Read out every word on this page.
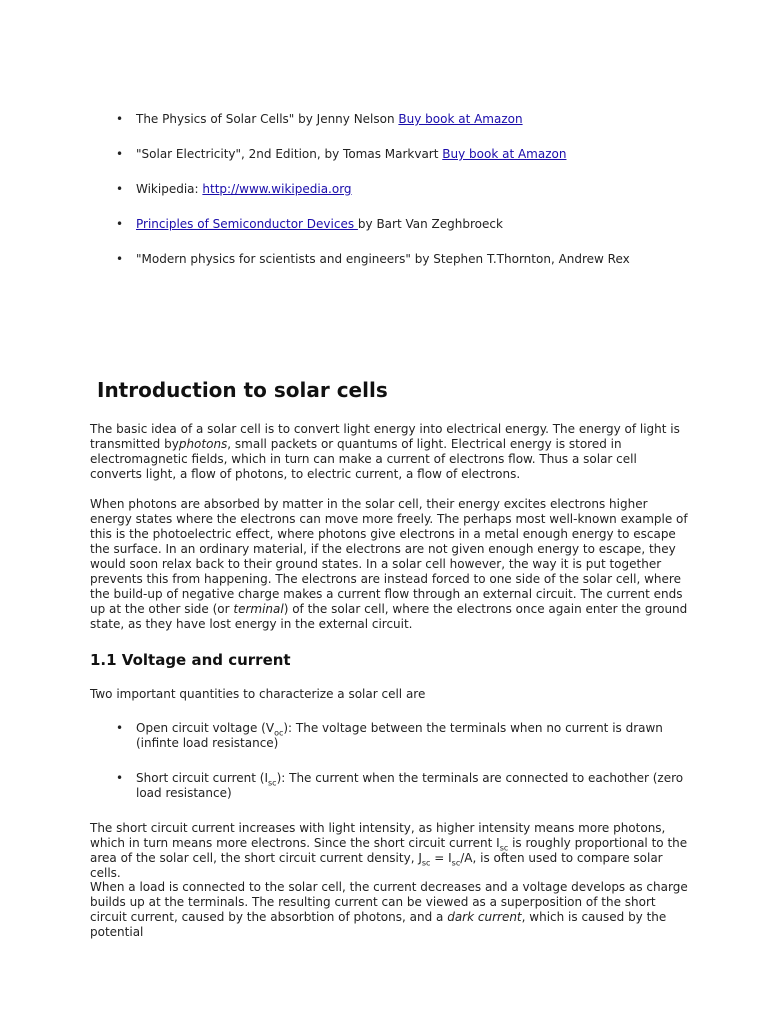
• The Physics of Solar Cells" by Jenny Nelson Buy book at Amazon
• "Solar Electricity", 2nd Edition, by Tomas Markvart Buy book at Amazon
• Wikipedia: http://www.wikipedia.org
• Principles of Semiconductor Devices by Bart Van Zeghbroeck
• "Modern physics for scientists and engineers" by Stephen T.Thornton, Andrew Rex
Introduction to solar cells

The basic idea of a solar cell is to convert light energy into electrical energy. The energy of light is transmitted byphotons, small packets or quantums of light. Electrical energy is stored in electromagnetic fields, which in turn can make a current of electrons flow. Thus a solar cell converts light, a flow of photons, to electric current, a flow of electrons.

When photons are absorbed by matter in the solar cell, their energy excites electrons higher energy states where the electrons can move more freely. The perhaps most well-known example of this is the photoelectric effect, where photons give electrons in a metal enough energy to escape the surface. In an ordinary material, if the electrons are not given enough energy to escape, they would soon relax back to their ground states. In a solar cell however, the way it is put together prevents this from happening. The electrons are instead forced to one side of the solar cell, where the build-up of negative charge makes a current flow through an external circuit. The current ends up at the other side (or terminal) of the solar cell, where the electrons once again enter the ground state, as they have lost energy in the external circuit.

1.1 Voltage and current

Two important quantities to characterize a solar cell are

• Open circuit voltage $(V_{oc})$: The voltage between the terminals when no current is drawn (infinte load resistance)
• Short circuit current $(I_{sc})$: The current when the terminals are connected to eachother (zero load resistance)

The short circuit current increases with light intensity, as higher intensity means more photons, which in turn means more electrons. Since the short circuit current $I_{sc}$ is roughly proportional to the area of the solar cell, the short circuit current density, $J_{sc} = I_{sc}/A$, is often used to compare solar cells.

When a load is connected to the solar cell, the current decreases and a voltage develops as charge builds up at the terminals. The resulting current can be viewed as a superposition of the short circuit current, caused by the absorbtion of photons, and a dark current, which is caused by the potential
